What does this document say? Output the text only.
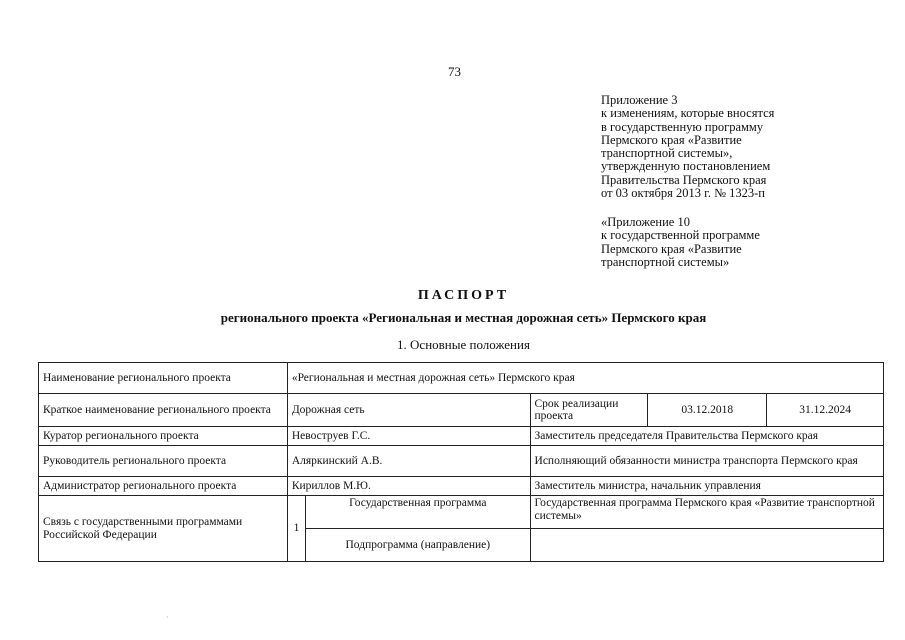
73
Приложение 3
к изменениям, которые вносятся
в государственную программу
Пермского края «Развитие
транспортной системы»,
утвержденную постановлением
Правительства Пермского края
от 03 октября 2013 г. № 1323-п
«Приложение 10
к государственной программе
Пермского края «Развитие
транспортной системы»
ПАСПОРТ
регионального проекта «Региональная и местная дорожная сеть» Пермского края
1. Основные положения
Наименование регионального проекта	«Региональная и местная дорожная сеть» Пермского края				
Краткое наименование регионального проекта	Дорожная сеть		Срок реализации проекта	03.12.2018	31.12.2024
Куратор регионального проекта	Невоструев Г.С.		Заместитель председателя Правительства Пермского края		
Руководитель регионального проекта	Аляркинский А.В.		Исполняющий обязанности министра транспорта Пермского края		
Администратор регионального проекта	Кириллов М.Ю.		Заместитель министра, начальник управления		
Связь с государственными программами Российской Федерации	1	Государственная программа	Государственная программа Пермского края «Развитие транспортной системы»		
		Подпрограмма (направление)			
·
